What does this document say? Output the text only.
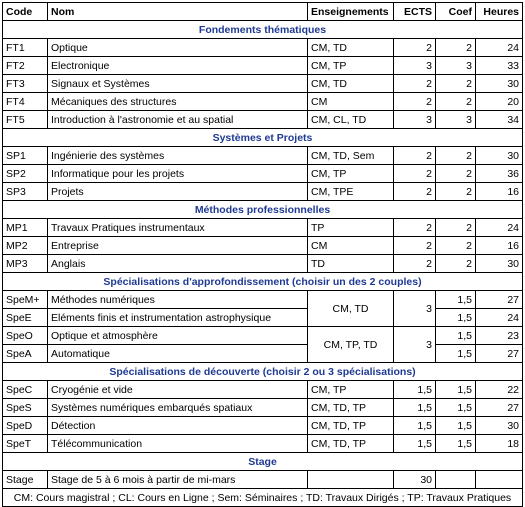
Code	Nom	Enseignements	ECTS	Coef	Heures
Fondements thématiques					
FT1	Optique	CM, TD	2	2	24
FT2	Electronique	CM, TP	3	3	33
FT3	Signaux et Systèmes	CM, TD	2	2	30
FT4	Mécaniques des structures	CM	2	2	20
FT5	Introduction à l'astronomie et au spatial	CM, CL, TD	3	3	34
Systèmes et Projets					
SP1	Ingénierie des systèmes	CM, TD, Sem	2	2	30
SP2	Informatique pour les projets	CM, TP	2	2	36
SP3	Projets	CM, TPE	2	2	16
Méthodes professionnelles					
MP1	Travaux Pratiques instrumentaux	TP	2	2	24
MP2	Entreprise	CM	2	2	16
MP3	Anglais	TD	2	2	30
Spécialisations d'approfondissement (choisir un des 2 couples)					
SpeM+	Méthodes numériques	CM, TD	3	1,5	27
SpeE	Eléments finis et instrumentation astrophysique			1,5	24
SpeO	Optique et atmosphère	CM, TP, TD	3	1,5	23
SpeA	Automatique			1,5	27
Spécialisations de découverte (choisir 2 ou 3 spécialisations)					
SpeC	Cryogénie et vide	CM, TP	1,5	1,5	22
SpeS	Systèmes numériques embarqués spatiaux	CM, TD, TP	1,5	1,5	27
SpeD	Détection	CM, TD, TP	1,5	1,5	30
SpeT	Télécommunication	CM, TD, TP	1,5	1,5	18
Stage					
Stage	Stage de 5 à 6 mois à partir de mi-mars		30		
CM: Cours magistral ; CL: Cours en Ligne ; Sem: Séminaires ; TD: Travaux Dirigés ; TP: Travaux Pratiques					
